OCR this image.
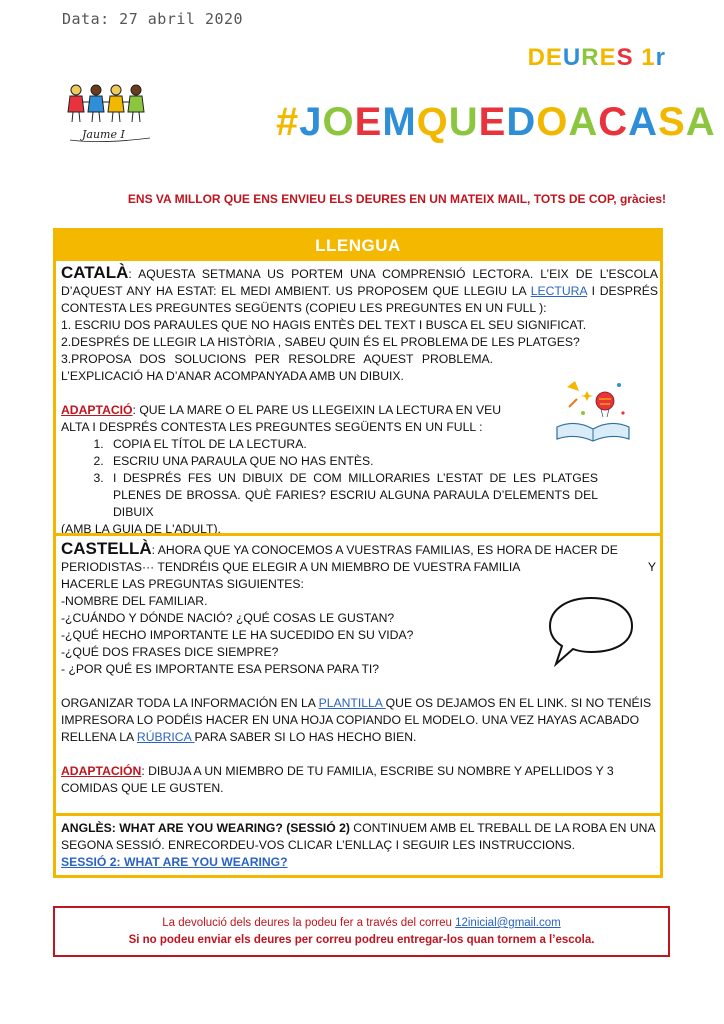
Data: 27 abril 2020
DEURES 1r
Jaume I	#JOEMQUEDOACASA
ENS VA MILLOR QUE ENS ENVIEU ELS DEURES EN UN MATEIX MAIL, TOTS DE COP, gràcies!
LLENGUA
CATALÀ: AQUESTA SETMANA US PORTEM UNA COMPRENSIÓ LECTORA. L’EIX DE L’ESCOLA D’AQUEST ANY HA ESTAT: EL MEDI AMBIENT. US PROPOSEM QUE LLEGIU LA LECTURA I DESPRÉS CONTESTA LES PREGUNTES SEGÜENTS (COPIEU LES PREGUNTES EN UN FULL ):
1. ESCRIU DOS PARAULES QUE NO HAGIS ENTÈS DEL TEXT I BUSCA EL SEU SIGNIFICAT.
2.DESPRÉS DE LLEGIR LA HISTÒRIA , SABEU QUIN ÉS EL PROBLEMA DE LES PLATGES?
3.PROPOSA DOS SOLUCIONS PER RESOLDRE AQUEST PROBLEMA.
L’EXPLICACIÓ HA D’ANAR ACOMPANYADA AMB UN DIBUIX.
ADAPTACIÓ: QUE LA MARE O EL PARE US LLEGEIXIN LA LECTURA EN VEU
ALTA I DESPRÉS CONTESTA LES PREGUNTES SEGÜENTS EN UN FULL :
1. COPIA EL TÍTOL DE LA LECTURA.
2. ESCRIU UNA PARAULA QUE NO HAS ENTÈS.
3. I DESPRÉS FES UN DIBUIX DE COM MILLORARIES L’ESTAT DE LES PLATGES PLENES DE BROSSA. QUÈ FARIES? ESCRIU ALGUNA PARAULA D’ELEMENTS DEL DIBUIX
(AMB LA GUIA DE L'ADULT).
CASTELLÀ: AHORA QUE YA CONOCEMOS A VUESTRAS FAMILIAS, ES HORA DE HACER DE
PERIODISTAS··· TENDRÉIS QUE ELEGIR A UN MIEMBRO DE VUESTRA FAMILIA	Y
HACERLE LAS PREGUNTAS SIGUIENTES:
-NOMBRE DEL FAMILIAR.
-¿CUÁNDO Y DÓNDE NACIÓ? ¿QUÉ COSAS LE GUSTAN?
-¿QUÉ HECHO IMPORTANTE LE HA SUCEDIDO EN SU VIDA?
-¿QUÉ DOS FRASES DICE SIEMPRE?
- ¿POR QUÉ ES IMPORTANTE ESA PERSONA PARA TI?
ORGANIZAR TODA LA INFORMACIÓN EN LA PLANTILLA QUE OS DEJAMOS EN EL LINK. SI NO TENÉIS IMPRESORA LO PODÉIS HACER EN UNA HOJA COPIANDO EL MODELO. UNA VEZ HAYAS ACABADO RELLENA LA RÚBRICA PARA SABER SI LO HAS HECHO BIEN.
ADAPTACIÓN: DIBUJA A UN MIEMBRO DE TU FAMILIA, ESCRIBE SU NOMBRE Y APELLIDOS Y 3 COMIDAS QUE LE GUSTEN.
ANGLÈS: WHAT ARE YOU WEARING? (SESSIÓ 2) CONTINUEM AMB EL TREBALL DE LA ROBA EN UNA SEGONA SESSIÓ. ENRECORDEU-VOS CLICAR L’ENLLAÇ I SEGUIR LES INSTRUCCIONS.
SESSIÓ 2: WHAT ARE YOU WEARING?
La devolució dels deures la podeu fer a través del correu 12inicial@gmail.com
Si no podeu enviar els deures per correu podreu entregar-los quan tornem a l’escola.
